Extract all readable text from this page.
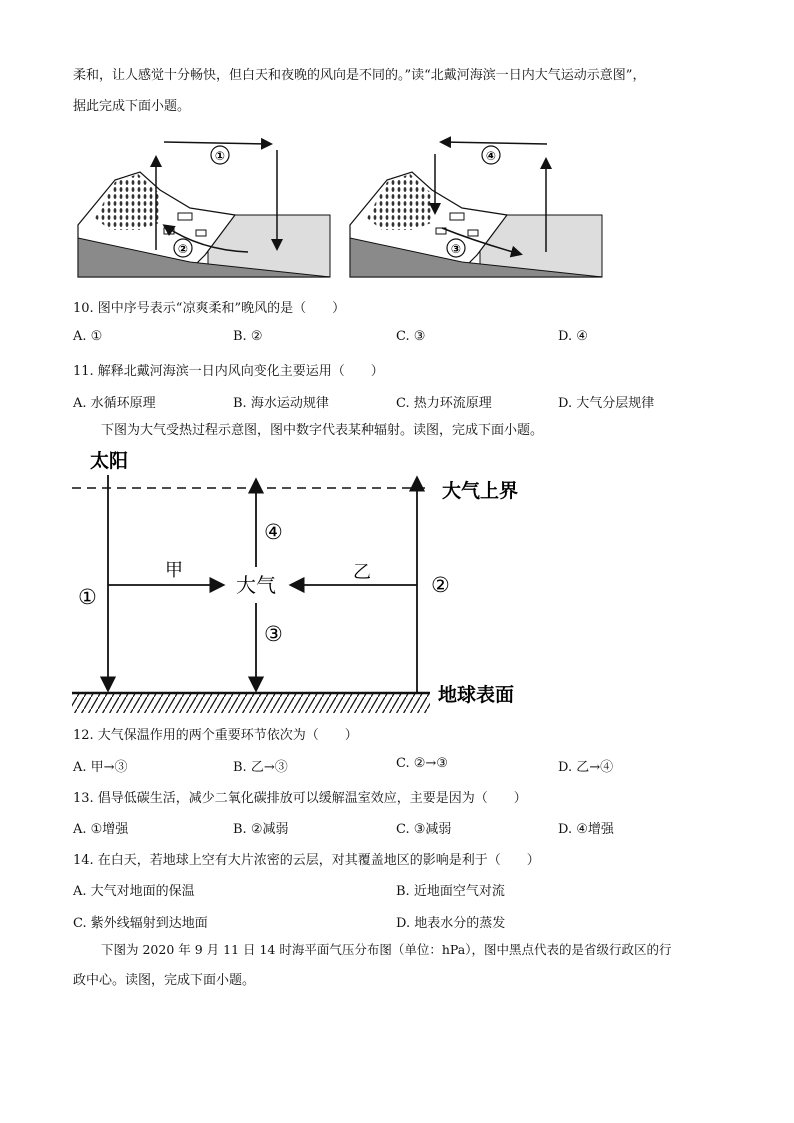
柔和，让人感觉十分畅快，但白天和夜晚的风向是不同的。”读“北戴河海滨一日内大气运动示意图”，
据此完成下面小题。
①
②
④
③
10. 图中序号表示“凉爽柔和”晚风的是（　　）
A. ①	B. ②	C. ③	D. ④
11. 解释北戴河海滨一日内风向变化主要运用（　　）
A. 水循环原理	B. 海水运动规律	C. 热力环流原理	D. 大气分层规律
下图为大气受热过程示意图，图中数字代表某种辐射。读图，完成下面小题。
太阳
大气上界
地球表面
大气
甲	乙
①	②
③
④
12. 大气保温作用的两个重要环节依次为（　　）
A. 甲→③	B. 乙→③	C. ②→③	D. 乙→④
13. 倡导低碳生活，减少二氧化碳排放可以缓解温室效应，主要是因为（　　）
A. ①增强	B. ②减弱	C. ③减弱	D. ④增强
14. 在白天，若地球上空有大片浓密的云层，对其覆盖地区的影响是利于（　　）
A. 大气对地面的保温	B. 近地面空气对流
C. 紫外线辐射到达地面	D. 地表水分的蒸发
下图为 2020 年 9 月 11 日 14 时海平面气压分布图（单位：hPa），图中黑点代表的是省级行政区的行
政中心。读图，完成下面小题。
